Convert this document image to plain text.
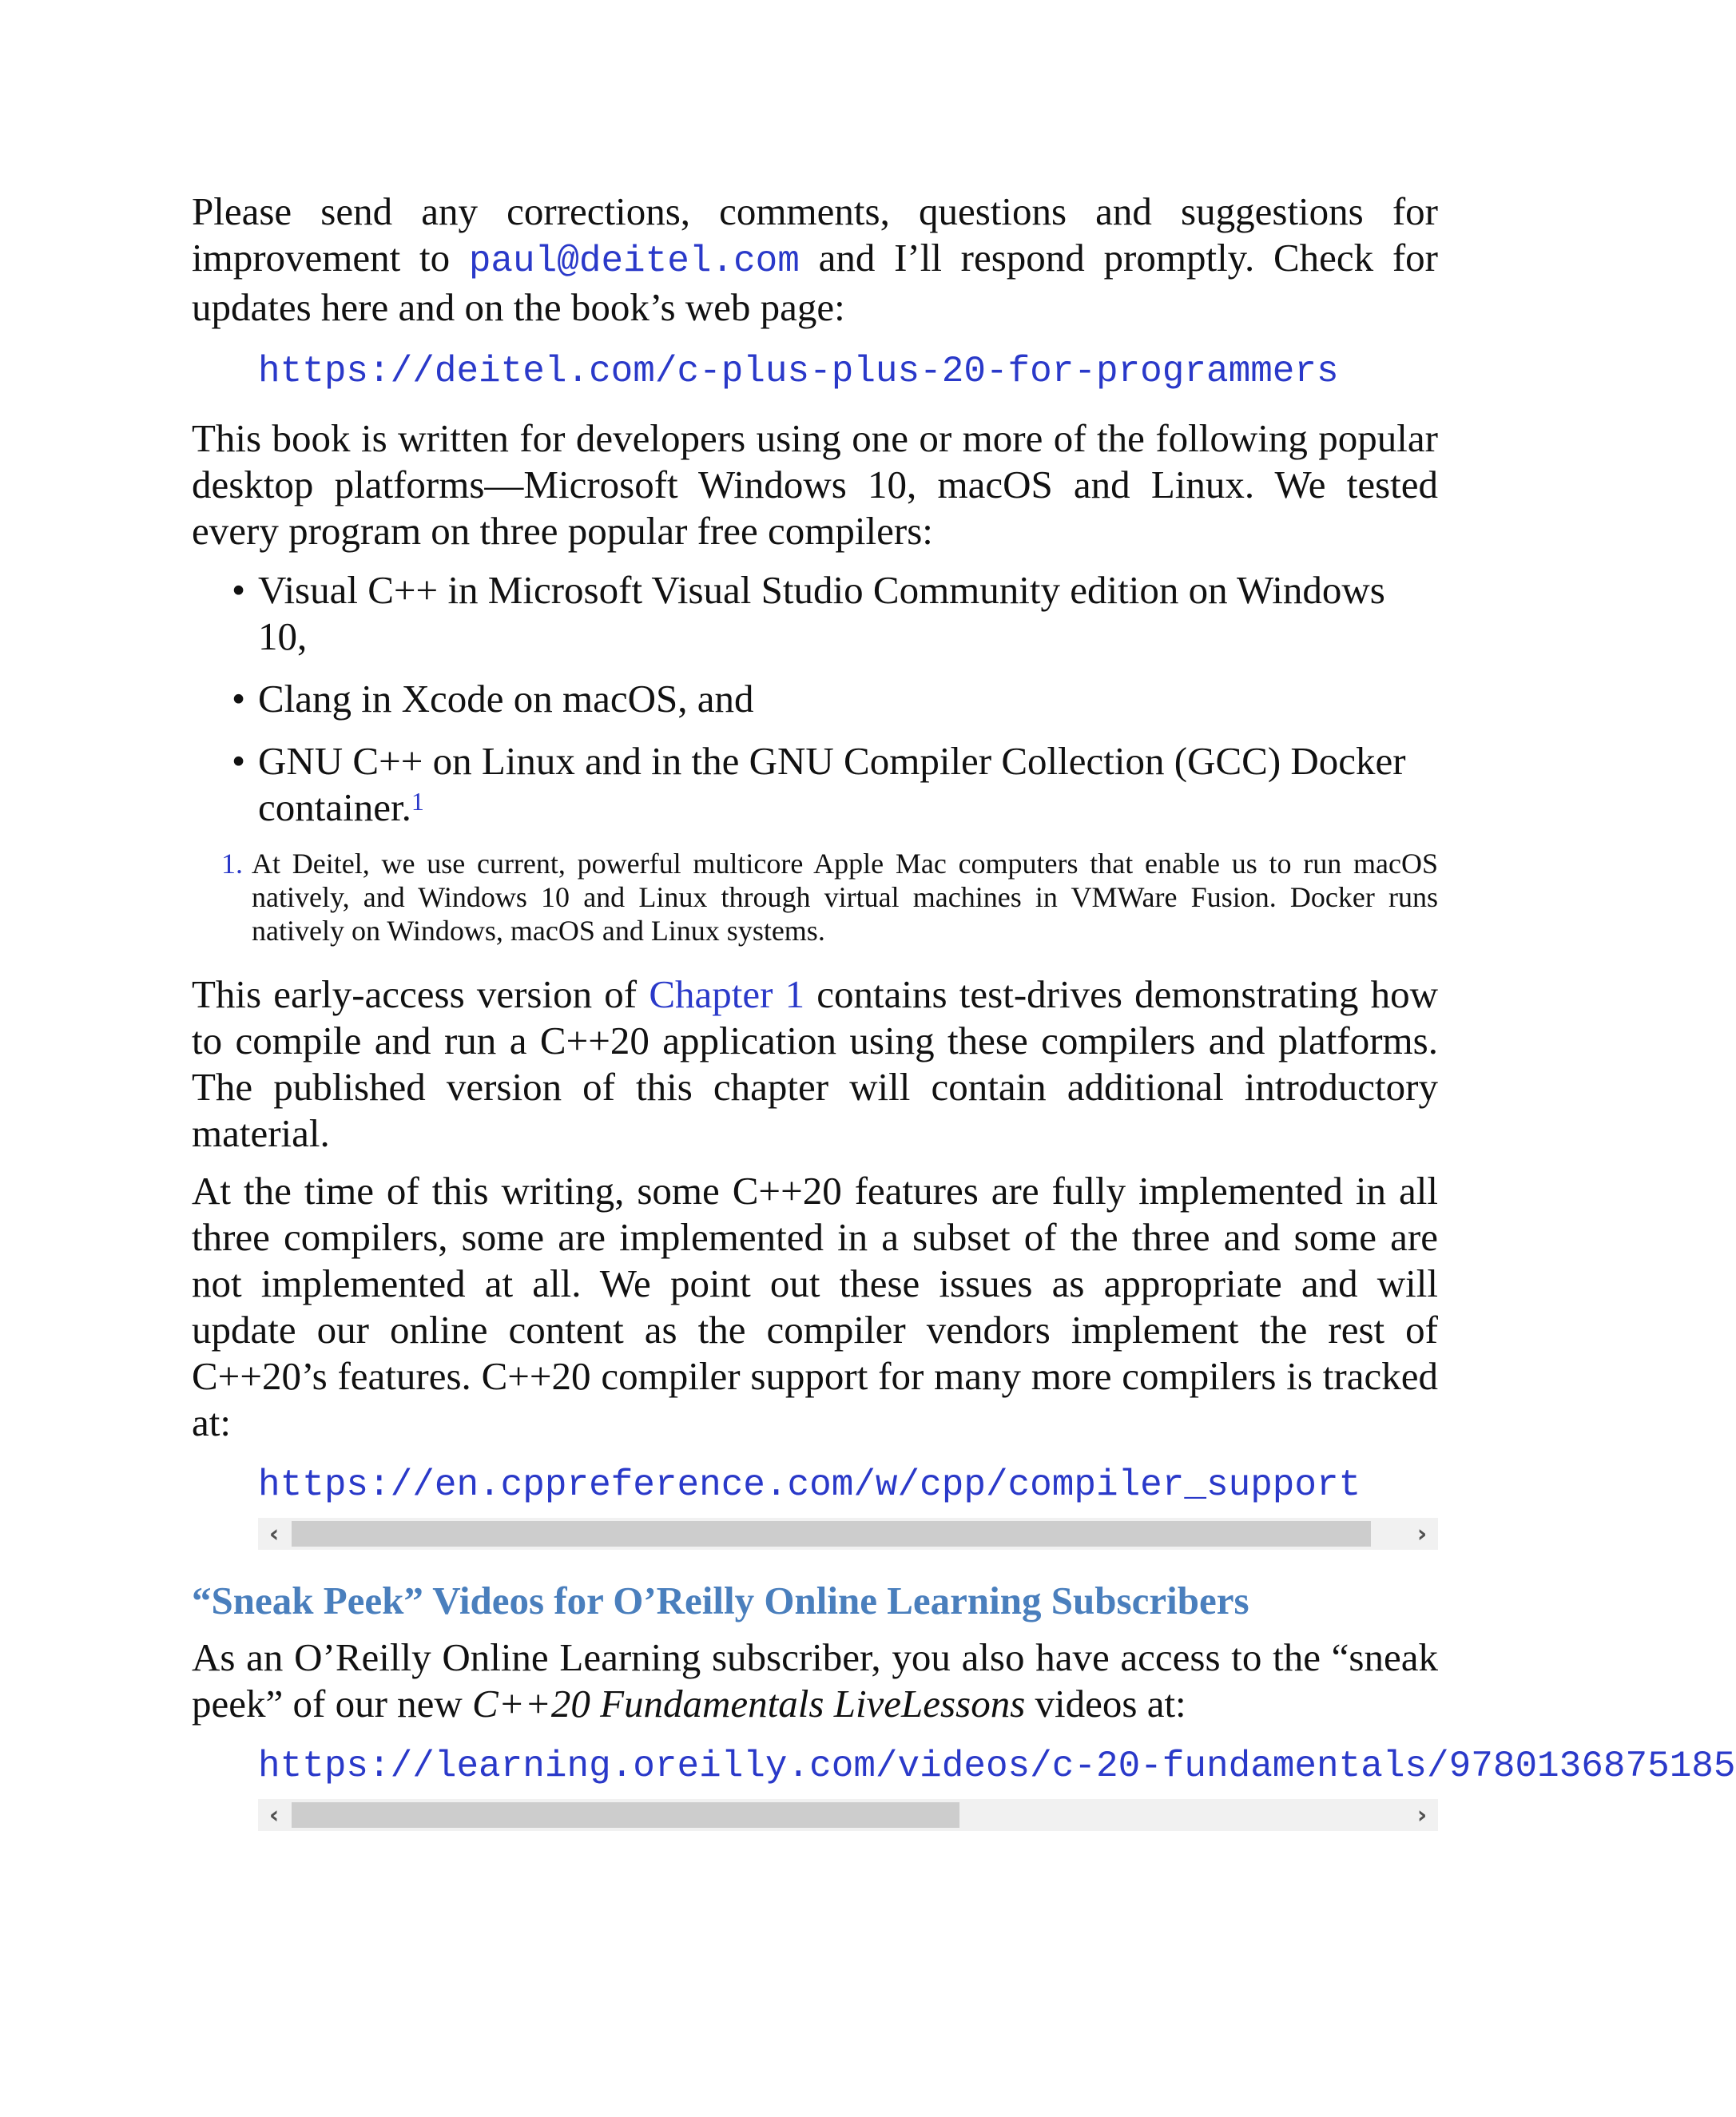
Please send any corrections, comments, questions and suggestions for improvement to paul@deitel.com and I’ll respond promptly. Check for updates here and on the book’s web page:

https://deitel.com/c-plus-plus-20-for-programmers

This book is written for developers using one or more of the following popular desktop platforms—Microsoft Windows 10, macOS and Linux. We tested every program on three popular free compilers:

• Visual C++ in Microsoft Visual Studio Community edition on Windows 10,
• Clang in Xcode on macOS, and
• GNU C++ on Linux and in the GNU Compiler Collection (GCC) Docker container.$^1$
1. At Deitel, we use current, powerful multicore Apple Mac computers that enable us to run macOS natively, and Windows 10 and Linux through virtual machines in VMWare Fusion. Docker runs natively on Windows, macOS and Linux systems.

This early-access version of Chapter 1 contains test-drives demonstrating how to compile and run a C++20 application using these compilers and platforms. The published version of this chapter will contain additional introductory material.

At the time of this writing, some C++20 features are fully implemented in all three compilers, some are implemented in a subset of the three and some are not implemented at all. We point out these issues as appropriate and will update our online content as the compiler vendors implement the rest of C++20’s features. C++20 compiler support for many more compilers is tracked at:

https://en.cppreference.com/w/cpp/compiler_support
‹	›
“Sneak Peek” Videos for O’Reilly Online Learning Subscribers

As an O’Reilly Online Learning subscriber, you also have access to the “sneak peek” of our new C++20 Fundamentals LiveLessons videos at:

https://learning.oreilly.com/videos/c-20-fundamentals/9780136875185
‹	›
